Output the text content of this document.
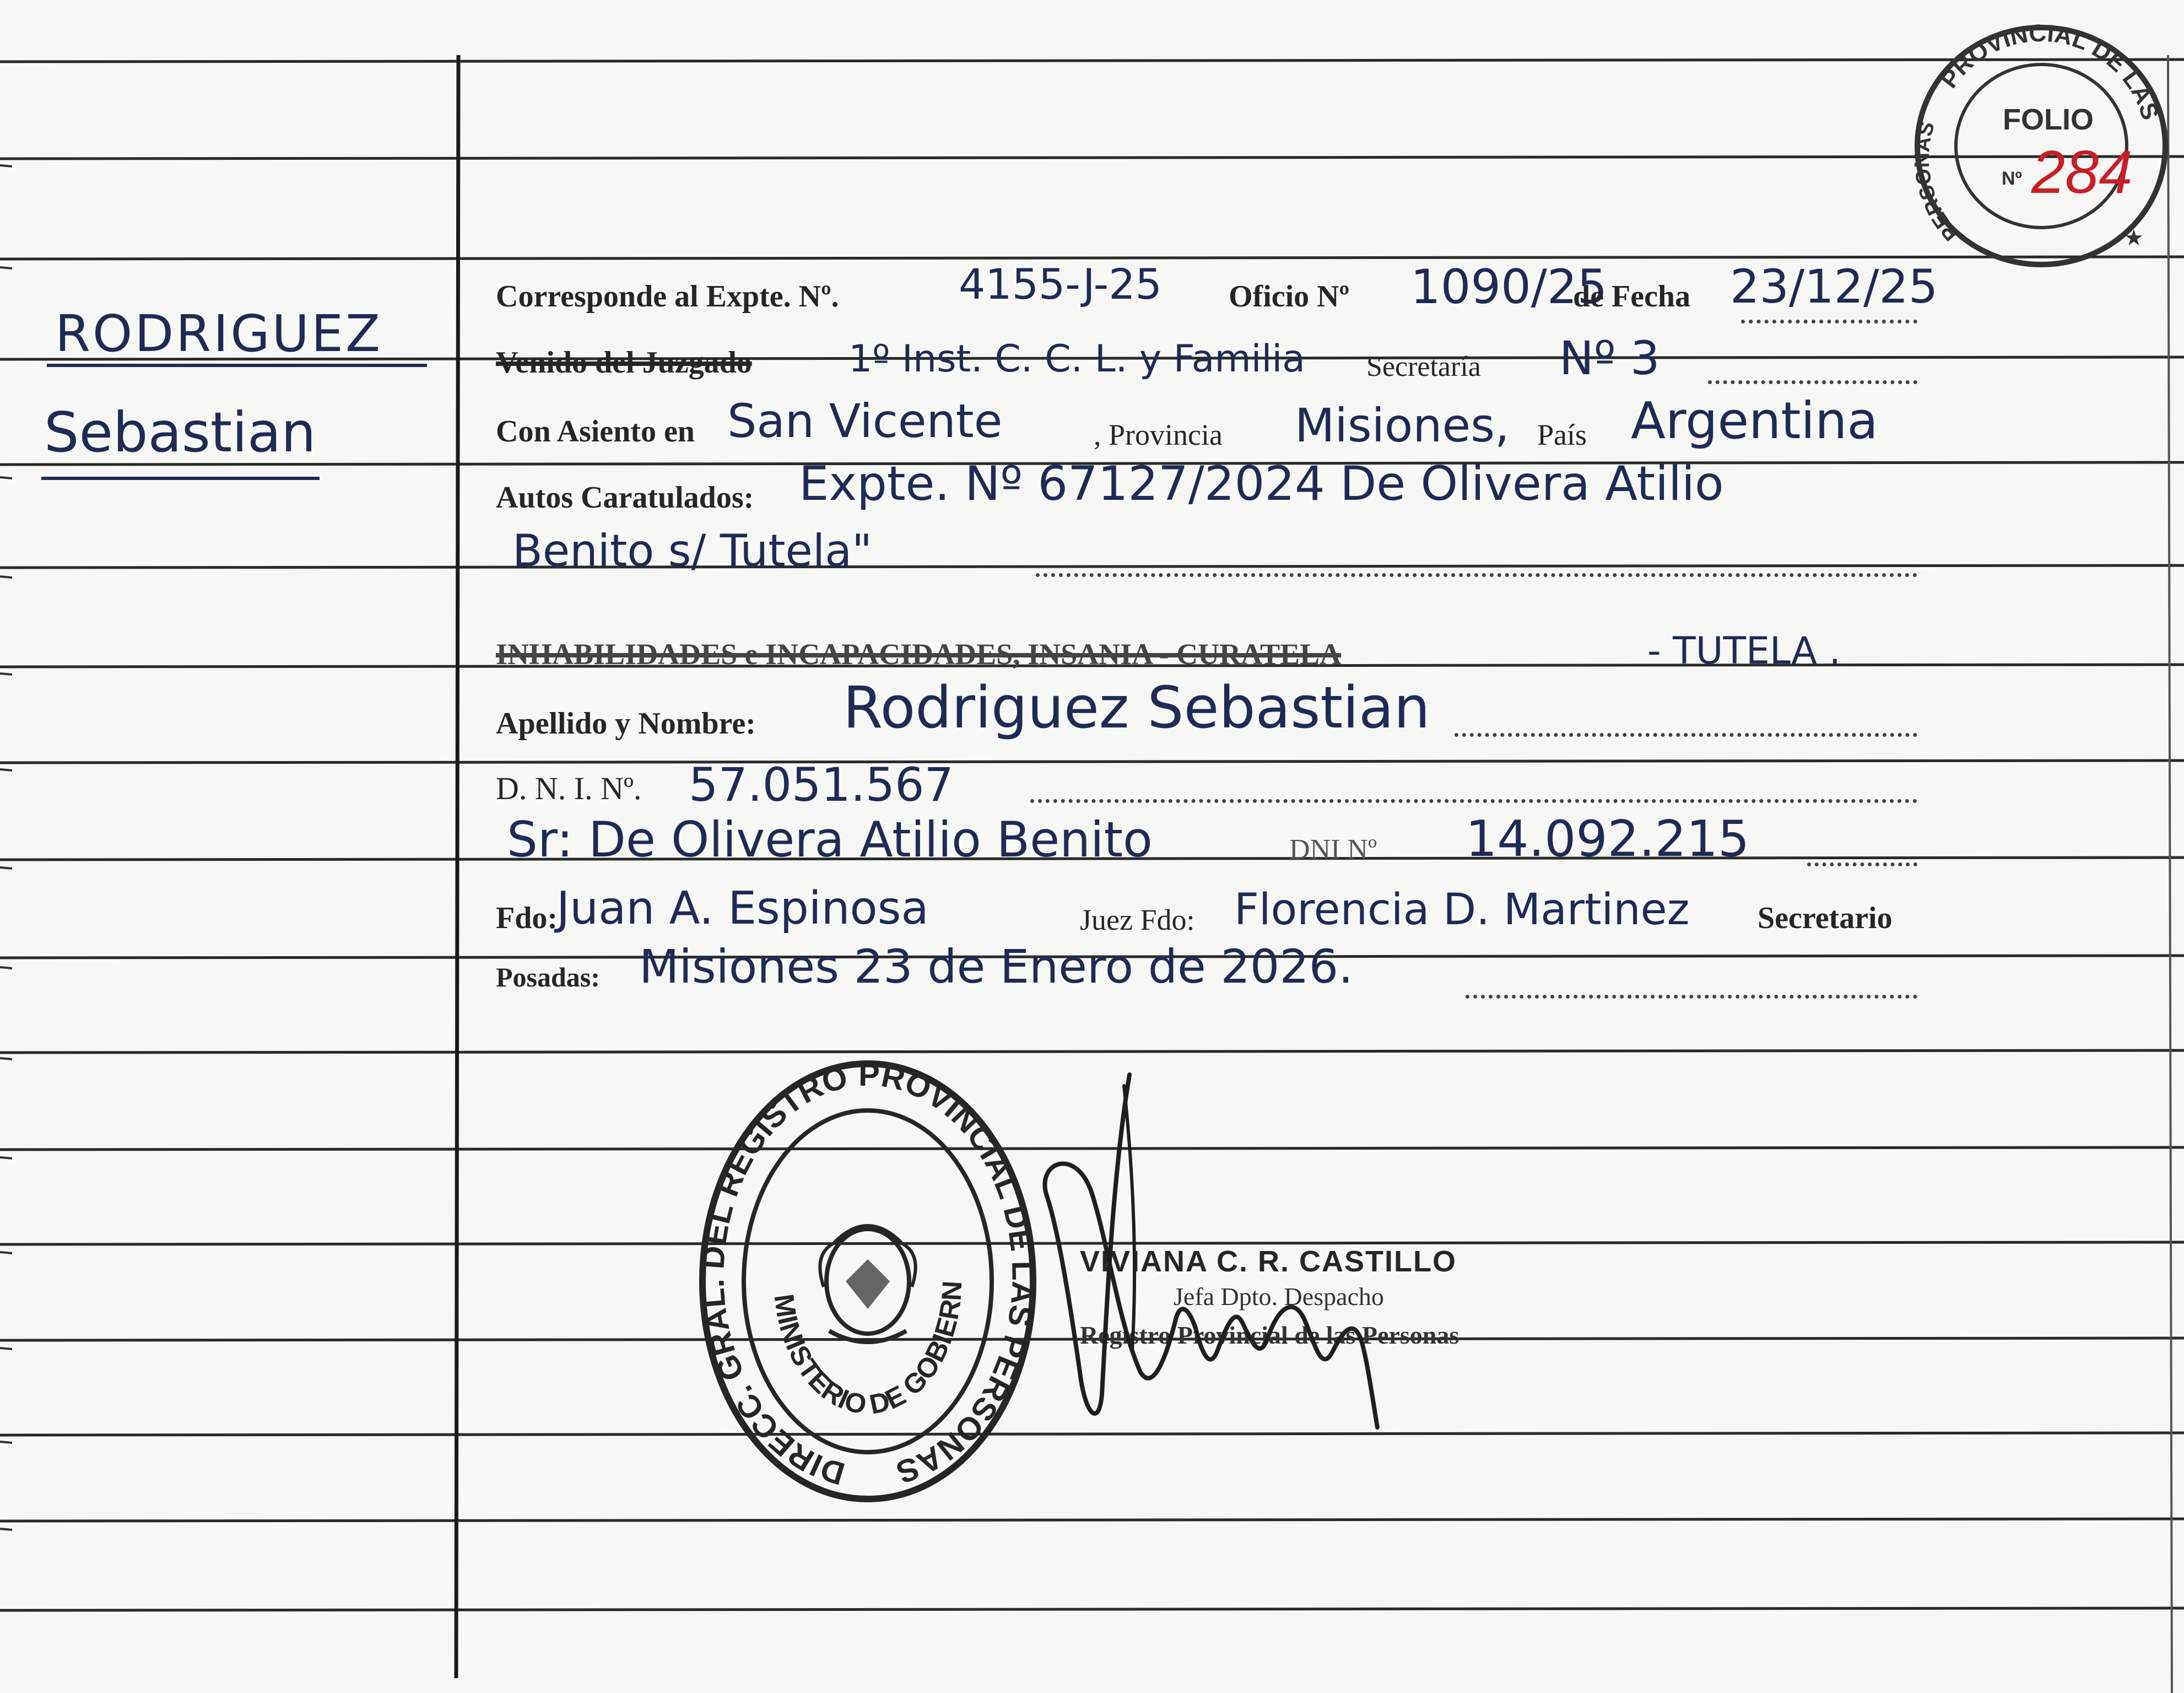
RODRIGUEZ
Sebastian
PROVINCIAL DE LAS
PERSONAS	FOLIO
Nº 284
★
Corresponde al Expte. Nº.	4155-J-25 Oficio Nº 1090/25
de Fecha 23/12/25
Venido del Juzgado	1º Inst. C. C. L. y Familia Secretaría Nº 3
Con Asiento en San Vicente	, Provincia Misiones, País Argentina
Autos Caratulados: Expte. Nº 67127/2024 De Olivera Atilio
Benito s/ Tutela"
INHABILIDADES e INCAPACIDADES, INSANIA - CURATELA	- TUTELA .
Apellido y Nombre: Rodriguez Sebastian
D. N. I. Nº. 57.051.567
Sr: De Olivera Atilio Benito	DNI Nº 14.092.215
Fdo:
Juan A. Espinosa	Juez Fdo: Florencia D. Martinez Secretario
Posadas: Misiones 23 de Enero de 2026.
DIRECC. GRAL. DEL REGISTRO PROVINCIAL DE LAS PERSONAS
MINISTERIO DE GOBIERN
VIVIANA C. R. CASTILLO
Jefa Dpto. Despacho
Registro Provincial de las Personas
